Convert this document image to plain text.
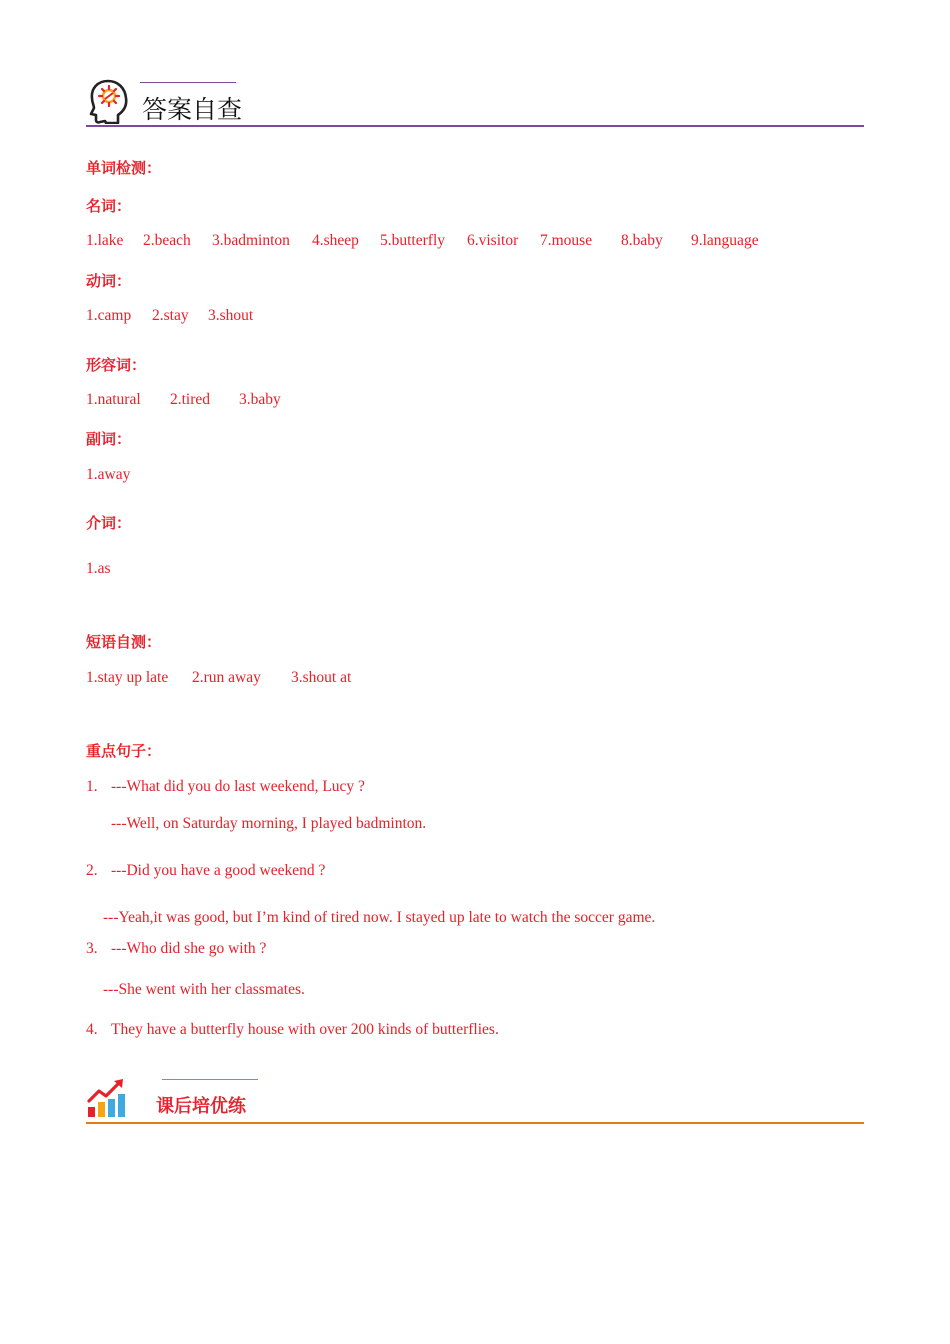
答案自查
单词检测：
名词：
1.lake 2.beach 3.badminton 4.sheep 5.butterfly 6.visitor 7.mouse 8.baby 9.language
动词：
1.camp 2.stay 3.shout
形容词：
1.natural 2.tired 3.baby
副词：
1.away
介词：
1.as
短语自测：
1.stay up late 2.run away 3.shout at
重点句子：
1. ---What did you do last weekend, Lucy ?
---Well, on Saturday morning, I played badminton.
2. ---Did you have a good weekend ?
---Yeah,it was good, but I’m kind of tired now. I stayed up late to watch the soccer game.
3. ---Who did she go with ?
---She went with her classmates.
4. They have a butterfly house with over 200 kinds of butterflies.
课后培优练
